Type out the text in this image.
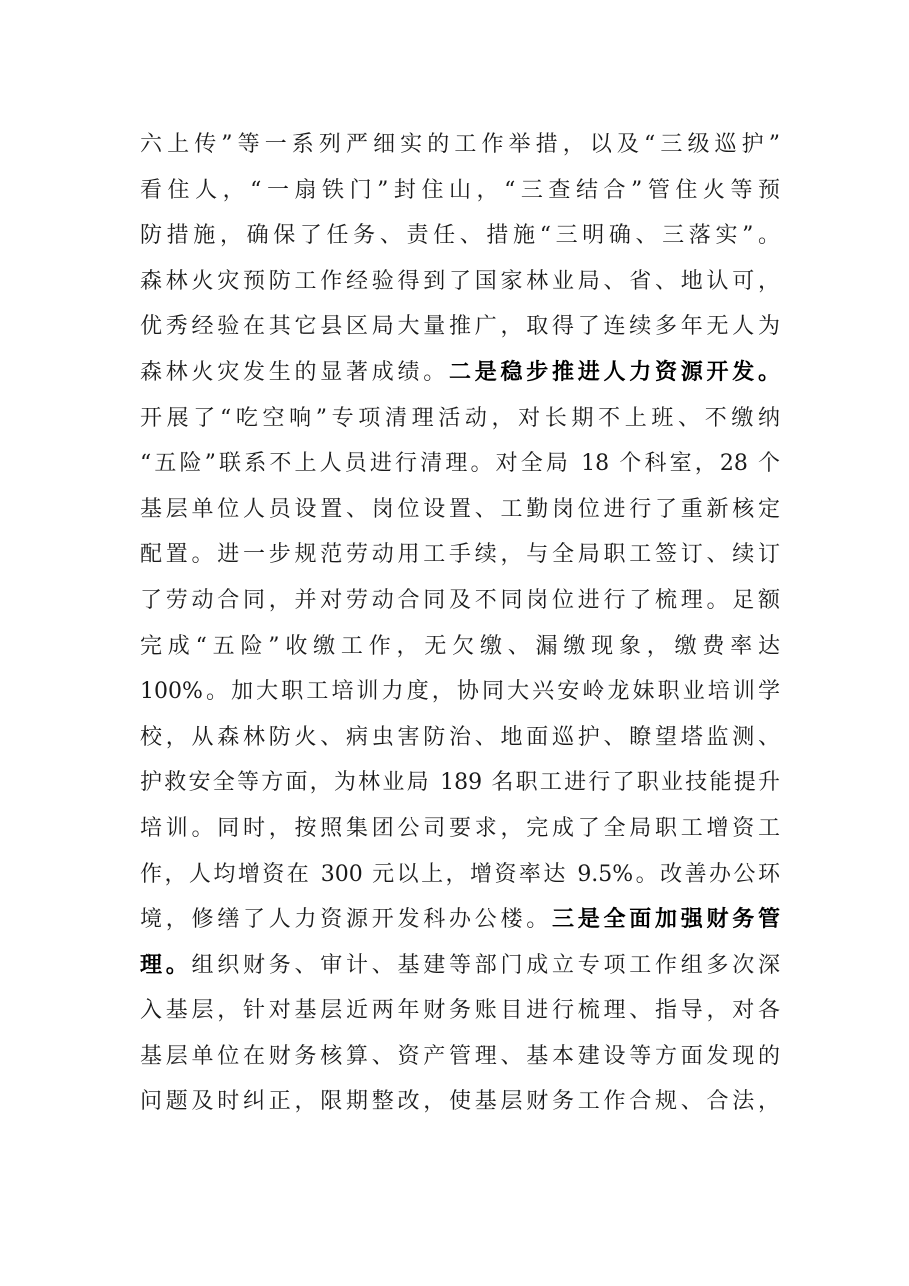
六上传”等一系列严细实的工作举措，以及“三级巡护”
看住人，“一扇铁门”封住山，“三查结合”管住火等预
防措施，确保了任务、责任、措施“三明确、三落实”。
森林火灾预防工作经验得到了国家林业局、省、地认可，
优秀经验在其它县区局大量推广，取得了连续多年无人为
森林火灾发生的显著成绩。二是稳步推进人力资源开发。
开展了“吃空响”专项清理活动，对长期不上班、不缴纳
“五险”联系不上人员进行清理。对全局 18 个科室，28 个
基层单位人员设置、岗位设置、工勤岗位进行了重新核定
配置。进一步规范劳动用工手续，与全局职工签订、续订
了劳动合同，并对劳动合同及不同岗位进行了梳理。足额
完成“五险”收缴工作，无欠缴、漏缴现象，缴费率达
100%。加大职工培训力度，协同大兴安岭龙妹职业培训学
校，从森林防火、病虫害防治、地面巡护、瞭望塔监测、
护救安全等方面，为林业局 189 名职工进行了职业技能提升
培训。同时，按照集团公司要求，完成了全局职工增资工
作，人均增资在 300 元以上，增资率达 9.5%。改善办公环
境，修缮了人力资源开发科办公楼。三是全面加强财务管
理。组织财务、审计、基建等部门成立专项工作组多次深
入基层，针对基层近两年财务账目进行梳理、指导，对各
基层单位在财务核算、资产管理、基本建设等方面发现的
问题及时纠正，限期整改，使基层财务工作合规、合法，
